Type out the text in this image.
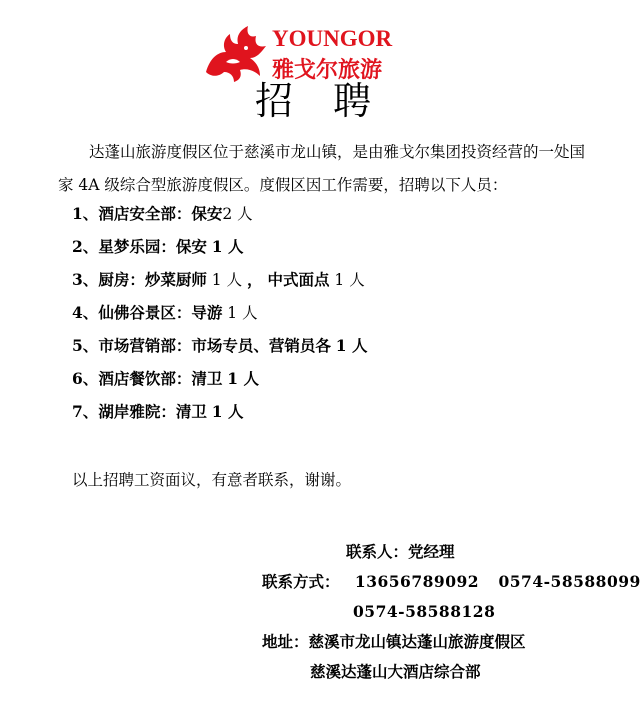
YOUNGOR
雅戈尔旅游
招聘
达蓬山旅游度假区位于慈溪市龙山镇，是由雅戈尔集团投资经营的一处国家 4A 级综合型旅游度假区。度假区因工作需要，招聘以下人员：
1、酒店安全部：保安2 人
2、星梦乐园：保安 1 人
3、厨房：炒菜厨师 1 人 ， 中式面点 1 人
4、仙佛谷景区：导游 1 人
5、市场营销部：市场专员、营销员各 1 人
6、酒店餐饮部：清卫 1 人
7、湖岸雅院：清卫 1 人
以上招聘工资面议，有意者联系，谢谢。
联系人：党经理
联系方式： 13656789092 0574-58588099
0574-58588128
地址：慈溪市龙山镇达蓬山旅游度假区
慈溪达蓬山大酒店综合部
